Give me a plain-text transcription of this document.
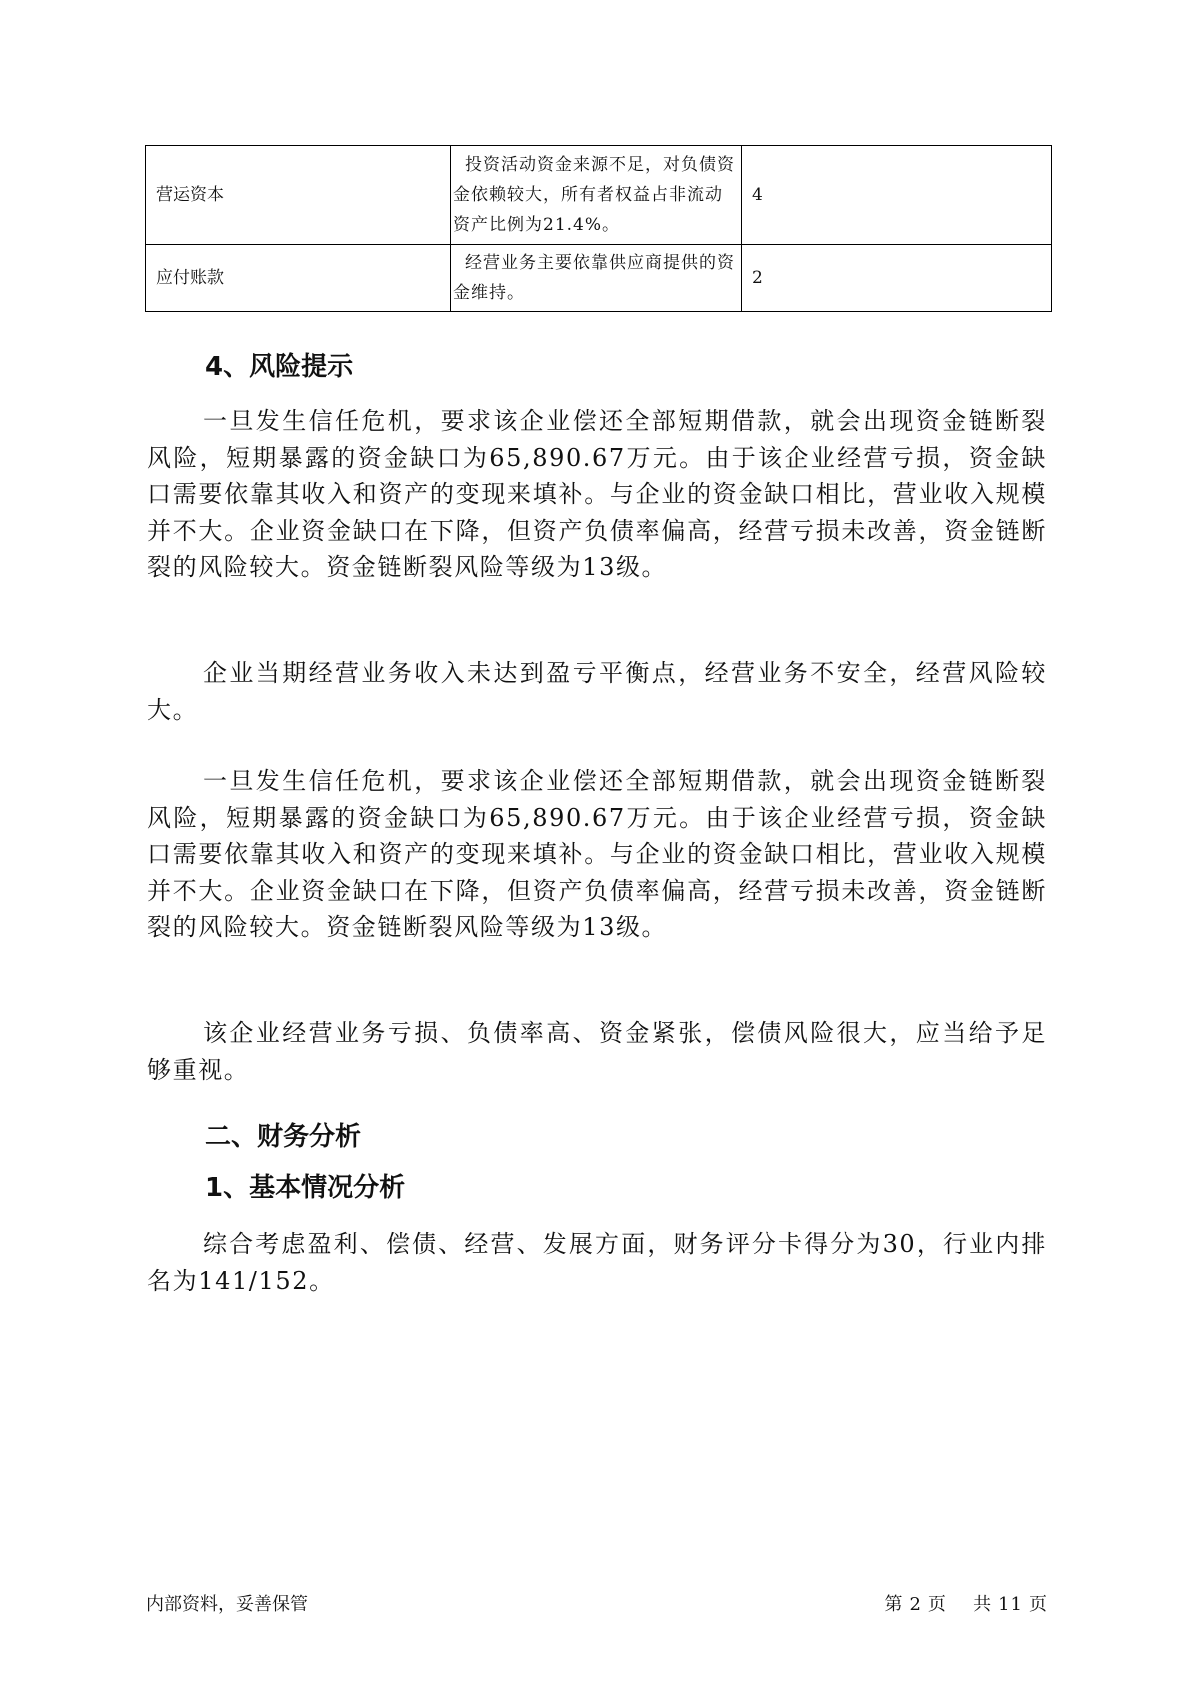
营运资本	投资活动资金来源不足，对负债资金依赖较大，所有者权益占非流动资产比例为21.4%。	4
应付账款	经营业务主要依靠供应商提供的资金维持。	2
4、风险提示

一旦发生信任危机，要求该企业偿还全部短期借款，就会出现资金链断裂风险，短期暴露的资金缺口为65,890.67万元。由于该企业经营亏损，资金缺口需要依靠其收入和资产的变现来填补。与企业的资金缺口相比，营业收入规模并不大。企业资金缺口在下降，但资产负债率偏高，经营亏损未改善，资金链断裂的风险较大。资金链断裂风险等级为13级。

企业当期经营业务收入未达到盈亏平衡点，经营业务不安全，经营风险较大。

一旦发生信任危机，要求该企业偿还全部短期借款，就会出现资金链断裂风险，短期暴露的资金缺口为65,890.67万元。由于该企业经营亏损，资金缺口需要依靠其收入和资产的变现来填补。与企业的资金缺口相比，营业收入规模并不大。企业资金缺口在下降，但资产负债率偏高，经营亏损未改善，资金链断裂的风险较大。资金链断裂风险等级为13级。

该企业经营业务亏损、负债率高、资金紧张，偿债风险很大，应当给予足够重视。

二、财务分析
1、基本情况分析

综合考虑盈利、偿债、经营、发展方面，财务评分卡得分为30，行业内排名为141/152。

内部资料，妥善保管	第 2 页 共 11 页
